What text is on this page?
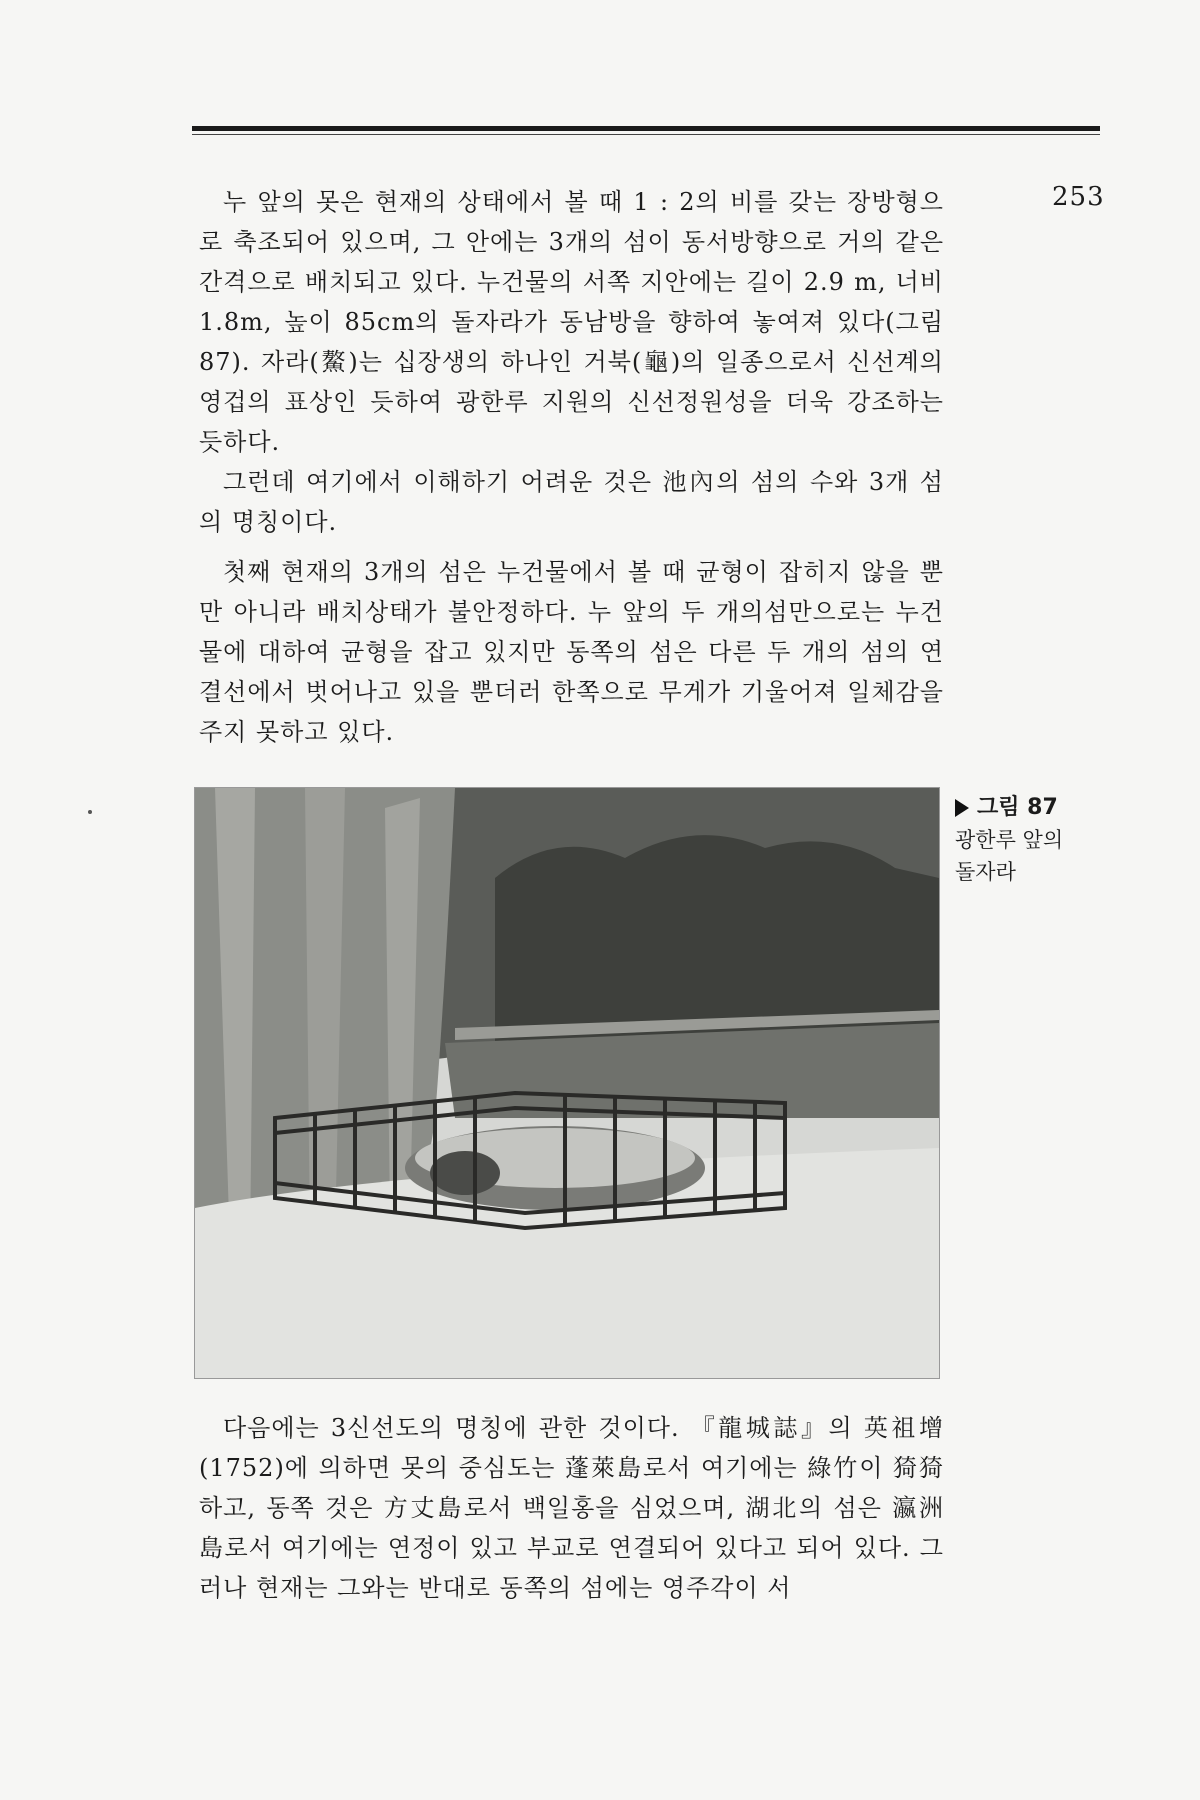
253

누 앞의 못은 현재의 상태에서 볼 때 1 : 2의 비를 갖는 장방형으로 축조되어 있으며, 그 안에는 3개의 섬이 동서방향으로 거의 같은 간격으로 배치되고 있다. 누건물의 서쪽 지안에는 길이 2.9 m, 너비 1.8m, 높이 85cm의 돌자라가 동남방을 향하여 놓여져 있다(그림 87). 자라(鰲)는 십장생의 하나인 거북(龜)의 일종으로서 신선계의 영겁의 표상인 듯하여 광한루 지원의 신선정원성을 더욱 강조하는 듯하다.

그런데 여기에서 이해하기 어려운 것은 池內의 섬의 수와 3개 섬의 명칭이다.

첫째 현재의 3개의 섬은 누건물에서 볼 때 균형이 잡히지 않을 뿐만 아니라 배치상태가 불안정하다. 누 앞의 두 개의섬만으로는 누건물에 대하여 균형을 잡고 있지만 동쪽의 섬은 다른 두 개의 섬의 연결선에서 벗어나고 있을 뿐더러 한쪽으로 무게가 기울어져 일체감을 주지 못하고 있다.

그림 87
광한루 앞의
돌자라

다음에는 3신선도의 명칭에 관한 것이다. 『龍城誌』의 英祖增(1752)에 의하면 못의 중심도는 蓬萊島로서 여기에는 綠竹이 猗猗하고, 동쪽 것은 方丈島로서 백일홍을 심었으며, 湖北의 섬은 瀛洲島로서 여기에는 연정이 있고 부교로 연결되어 있다고 되어 있다. 그러나 현재는 그와는 반대로 동쪽의 섬에는 영주각이 서
